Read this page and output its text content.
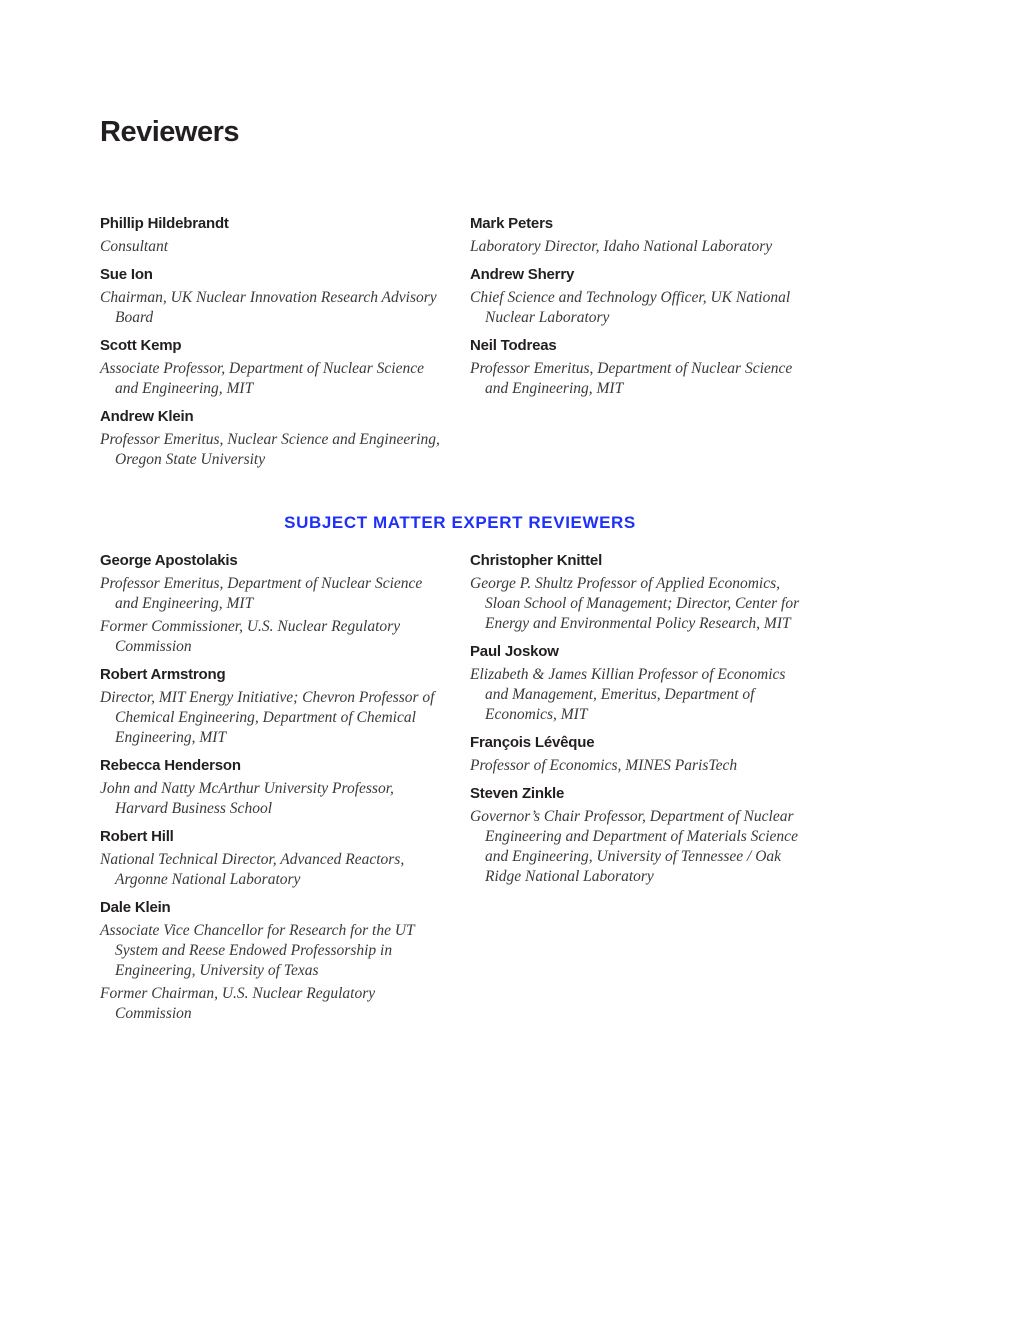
Reviewers
Phillip Hildebrandt
Consultant
Sue Ion
Chairman, UK Nuclear Innovation Research Advisory Board
Scott Kemp
Associate Professor, Department of Nuclear Science and Engineering, MIT
Andrew Klein
Professor Emeritus, Nuclear Science and Engineering, Oregon State University
Mark Peters
Laboratory Director, Idaho National Laboratory
Andrew Sherry
Chief Science and Technology Officer, UK National Nuclear Laboratory
Neil Todreas
Professor Emeritus, Department of Nuclear Science and Engineering, MIT
SUBJECT MATTER EXPERT REVIEWERS
George Apostolakis
Professor Emeritus, Department of Nuclear Science and Engineering, MIT
Former Commissioner, U.S. Nuclear Regulatory Commission
Robert Armstrong
Director, MIT Energy Initiative; Chevron Professor of Chemical Engineering, Department of Chemical Engineering, MIT
Rebecca Henderson
John and Natty McArthur University Professor, Harvard Business School
Robert Hill
National Technical Director, Advanced Reactors, Argonne National Laboratory
Dale Klein
Associate Vice Chancellor for Research for the UT System and Reese Endowed Professorship in Engineering, University of Texas
Former Chairman, U.S. Nuclear Regulatory Commission
Christopher Knittel
George P. Shultz Professor of Applied Economics, Sloan School of Management; Director, Center for Energy and Environmental Policy Research, MIT
Paul Joskow
Elizabeth & James Killian Professor of Economics and Management, Emeritus, Department of Economics, MIT
François Lévêque
Professor of Economics, MINES ParisTech
Steven Zinkle
Governor’s Chair Professor, Department of Nuclear Engineering and Department of Materials Science and Engineering, University of Tennessee / Oak Ridge National Laboratory
